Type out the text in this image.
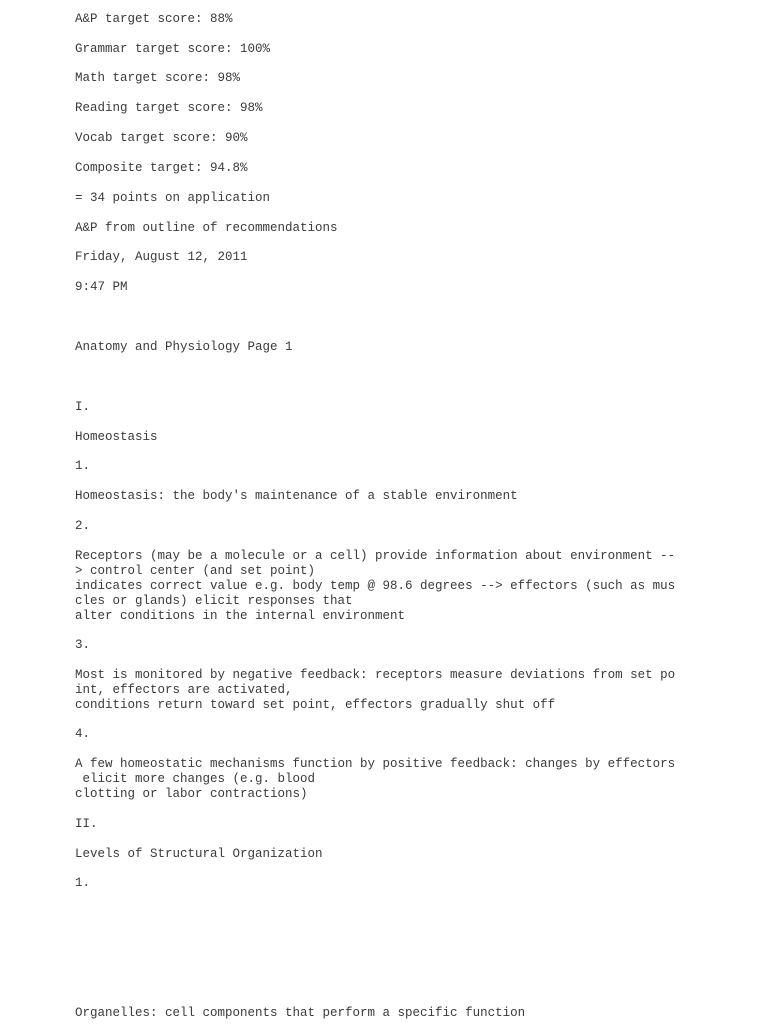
A&P target score: 88%

Grammar target score: 100%

Math target score: 98%

Reading target score: 98%

Vocab target score: 90%

Composite target: 94.8%

= 34 points on application

A&P from outline of recommendations

Friday, August 12, 2011

9:47 PM

Anatomy and Physiology Page 1

I.

Homeostasis

1.

Homeostasis: the body's maintenance of a stable environment

2.

Receptors (may be a molecule or a cell) provide information about environment --

> control center (and set point)

indicates correct value e.g. body temp @ 98.6 degrees --> effectors (such as mus

cles or glands) elicit responses that

alter conditions in the internal environment

3.

Most is monitored by negative feedback: receptors measure deviations from set po

int, effectors are activated,

conditions return toward set point, effectors gradually shut off

4.

A few homeostatic mechanisms function by positive feedback: changes by effectors

elicit more changes (e.g. blood

clotting or labor contractions)

II.

Levels of Structural Organization

1.

Organelles: cell components that perform a specific function
